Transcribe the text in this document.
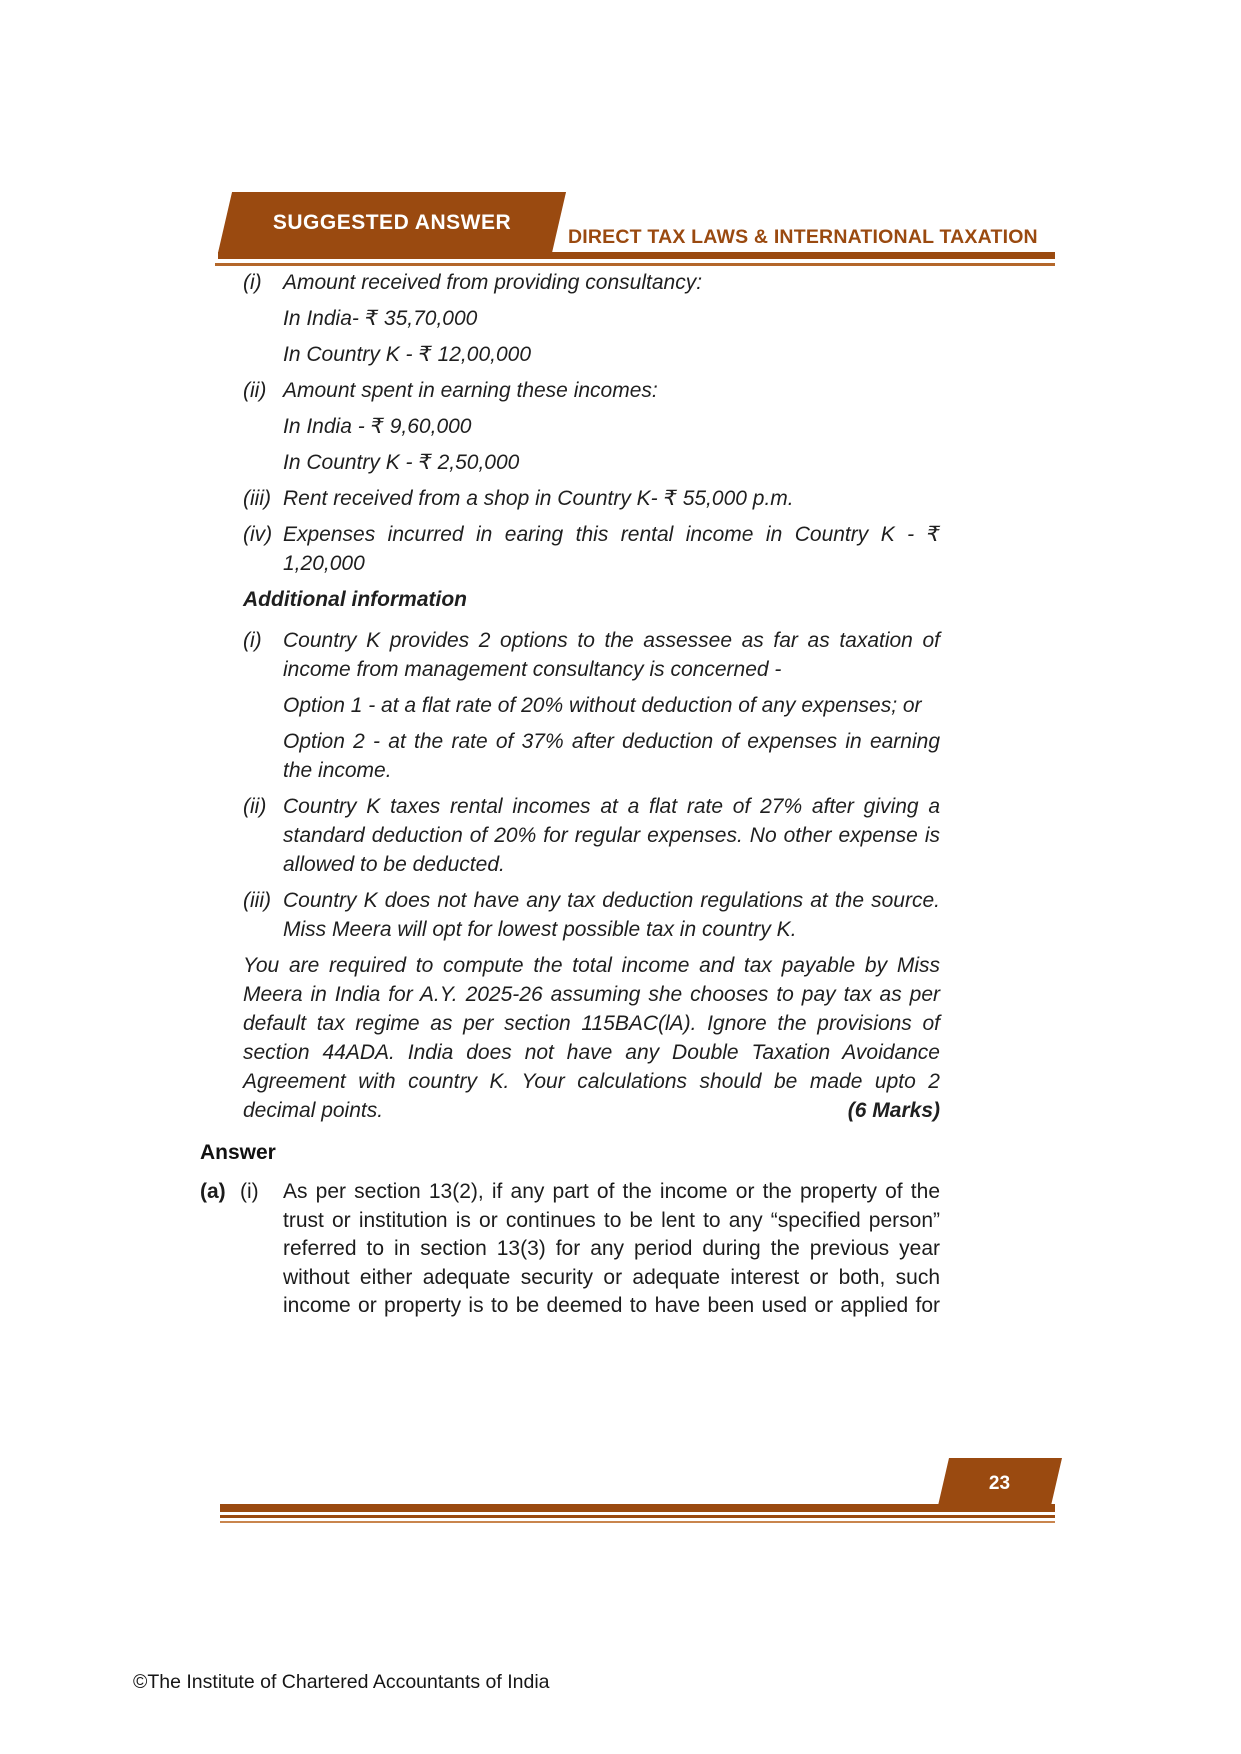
SUGGESTED ANSWER
DIRECT TAX LAWS & INTERNATIONAL TAXATION
(i)	Amount received from providing consultancy:
In India- ₹ 35,70,000
In Country K - ₹ 12,00,000
(ii) Amount spent in earning these incomes:
In India - ₹ 9,60,000
In Country K - ₹ 2,50,000
(iii) Rent received from a shop in Country K- ₹ 55,000 p.m.
(iv) Expenses incurred in earing this rental income in Country K - ₹ 1,20,000
Additional information
(i)	Country K provides 2 options to the assessee as far as taxation of income from management consultancy is concerned -
Option 1 - at a flat rate of 20% without deduction of any expenses; or
Option 2 - at the rate of 37% after deduction of expenses in earning the income.
(ii) Country K taxes rental incomes at a flat rate of 27% after giving a standard deduction of 20% for regular expenses. No other expense is allowed to be deducted.
(iii) Country K does not have any tax deduction regulations at the source. Miss Meera will opt for lowest possible tax in country K.
You are required to compute the total income and tax payable by Miss Meera in India for A.Y. 2025-26 assuming she chooses to pay tax as per default tax regime as per section 115BAC(lA). Ignore the provisions of section 44ADA. India does not have any Double Taxation Avoidance Agreement with country K. Your calculations should be made upto 2
decimal points.	(6 Marks)
Answer
(a) (i)	As per section 13(2), if any part of the income or the property of the trust or institution is or continues to be lent to any “specified person” referred to in section 13(3) for any period during the previous year without either adequate security or adequate interest or both, such income or property is to be deemed to have been used or applied for
23
©The Institute of Chartered Accountants of India
